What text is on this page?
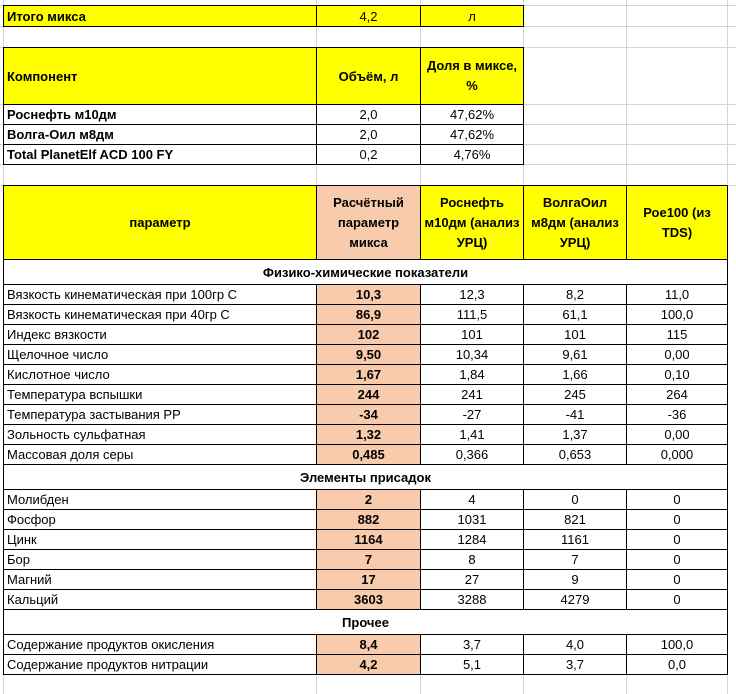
Итого микса	4,2	л
Компонент	Объём, л	Доля в миксе, %
Роснефть м10дм	2,0	47,62%
Волга-Оил м8дм	2,0	47,62%
Total PlanetElf ACD 100 FY	0,2	4,76%
параметр	Расчётный параметр микса	Роснефть м10дм (анализ УРЦ)	ВолгаОил м8дм (анализ УРЦ)	Рое100 (из TDS)
Физико-химические показатели				
Вязкость кинематическая при 100гр С	10,3	12,3	8,2	11,0
Вязкость кинематическая при 40гр С	86,9	111,5	61,1	100,0
Индекс вязкости	102	101	101	115
Щелочное число	9,50	10,34	9,61	0,00
Кислотное число	1,67	1,84	1,66	0,10
Температура вспышки	244	241	245	264
Температура застывания РР	-34	-27	-41	-36
Зольность сульфатная	1,32	1,41	1,37	0,00
Массовая доля серы	0,485	0,366	0,653	0,000
Элементы присадок				
Молибден	2	4	0	0
Фосфор	882	1031	821	0
Цинк	1164	1284	1161	0
Бор	7	8	7	0
Магний	17	27	9	0
Кальций	3603	3288	4279	0
Прочее				
Содержание продуктов окисления	8,4	3,7	4,0	100,0
Содержание продуктов нитрации	4,2	5,1	3,7	0,0
